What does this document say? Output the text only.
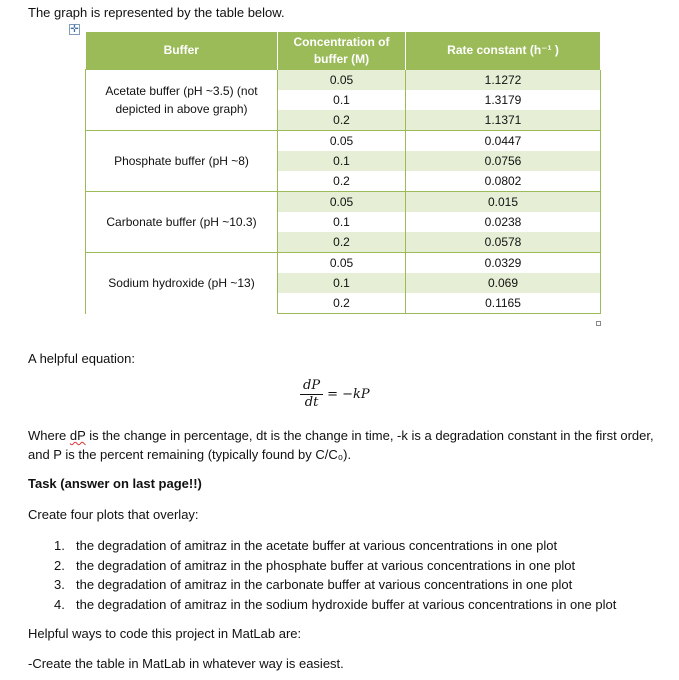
The graph is represented by the table below.
✛
Buffer	Concentration of buffer (M)	Rate constant (h⁻¹ )
Acetate buffer (pH ~3.5) (not depicted in above graph)	0.05	1.1272
	0.1	1.3179
	0.2	1.1371
Phosphate buffer (pH ~8)	0.05	0.0447
	0.1	0.0756
	0.2	0.0802
Carbonate buffer (pH ~10.3)	0.05	0.015
	0.1	0.0238
	0.2	0.0578
Sodium hydroxide (pH ~13)	0.05	0.0329
	0.1	0.069
	0.2	0.1165
A helpful equation:
$\frac{dP}{dt} = -kP$
Where dP is the change in percentage, dt is the change in time, -k is a degradation constant in the first order, and P is the percent remaining (typically found by C/C₀).
Task (answer on last page!!)
Create four plots that overlay:
1. the degradation of amitraz in the acetate buffer at various concentrations in one plot
2. the degradation of amitraz in the phosphate buffer at various concentrations in one plot
3. the degradation of amitraz in the carbonate buffer at various concentrations in one plot
4. the degradation of amitraz in the sodium hydroxide buffer at various concentrations in one plot
Helpful ways to code this project in MatLab are:
-Create the table in MatLab in whatever way is easiest.
